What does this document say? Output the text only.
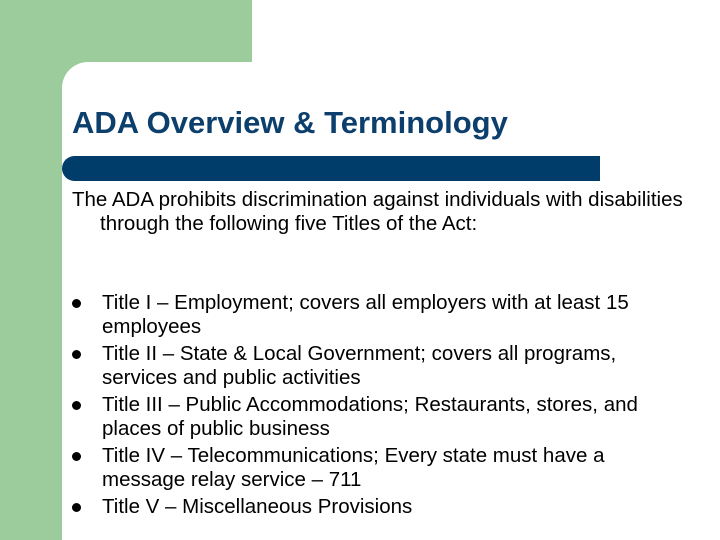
ADA Overview & Terminology

The ADA prohibits discrimination against individuals with disabilities through the following five Titles of the Act:

Title I – Employment; covers all employers with at least 15 employees
Title II – State & Local Government; covers all programs, services and public activities
Title III – Public Accommodations; Restaurants, stores, and places of public business
Title IV – Telecommunications; Every state must have a message relay service – 711
Title V – Miscellaneous Provisions
